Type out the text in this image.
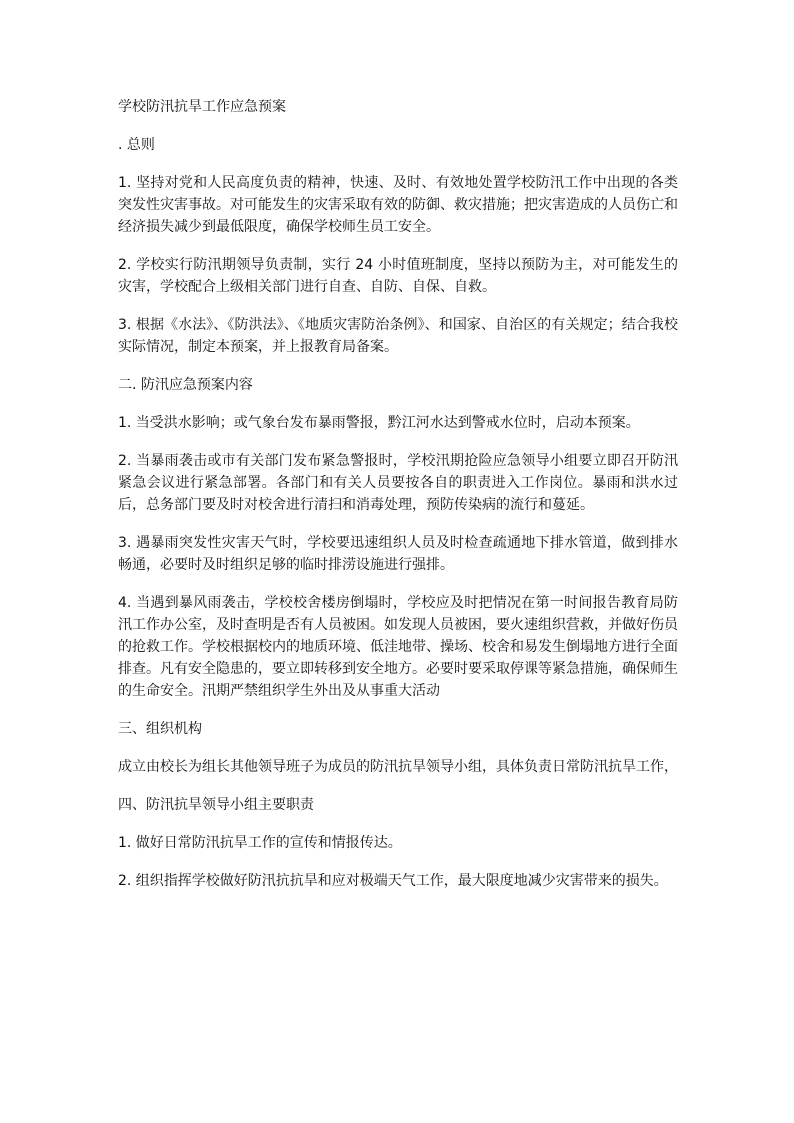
学校防汛抗旱工作应急预案

. 总则

1. 坚持对党和人民高度负责的精神，快速、及时、有效地处置学校防汛工作中出现的各类突发性灾害事故。对可能发生的灾害采取有效的防御、救灾措施；把灾害造成的人员伤亡和经济损失减少到最低限度，确保学校师生员工安全。

2. 学校实行防汛期领导负责制，实行 24 小时值班制度，坚持以预防为主，对可能发生的灾害，学校配合上级相关部门进行自查、自防、自保、自救。

3. 根据《水法》、《防洪法》、《地质灾害防治条例》、和国家、自治区的有关规定；结合我校实际情况，制定本预案，并上报教育局备案。

二. 防汛应急预案内容

1. 当受洪水影响；或气象台发布暴雨警报，黔江河水达到警戒水位时，启动本预案。

2. 当暴雨袭击或市有关部门发布紧急警报时，学校汛期抢险应急领导小组要立即召开防汛紧急会议进行紧急部署。各部门和有关人员要按各自的职责进入工作岗位。暴雨和洪水过后，总务部门要及时对校舍进行清扫和消毒处理，预防传染病的流行和蔓延。

3. 遇暴雨突发性灾害天气时，学校要迅速组织人员及时检查疏通地下排水管道，做到排水畅通，必要时及时组织足够的临时排涝设施进行强排。

4. 当遇到暴风雨袭击，学校校舍楼房倒塌时，学校应及时把情况在第一时间报告教育局防汛工作办公室，及时查明是否有人员被困。如发现人员被困，要火速组织营救，并做好伤员的抢救工作。学校根据校内的地质环境、低洼地带、操场、校舍和易发生倒塌地方进行全面排查。凡有安全隐患的，要立即转移到安全地方。必要时要采取停课等紧急措施，确保师生的生命安全。汛期严禁组织学生外出及从事重大活动

三、组织机构

成立由校长为组长其他领导班子为成员的防汛抗旱领导小组，具体负责日常防汛抗旱工作，

四、防汛抗旱领导小组主要职责

1. 做好日常防汛抗旱工作的宣传和情报传达。

2. 组织指挥学校做好防汛抗抗旱和应对极端天气工作，最大限度地减少灾害带来的损失。
